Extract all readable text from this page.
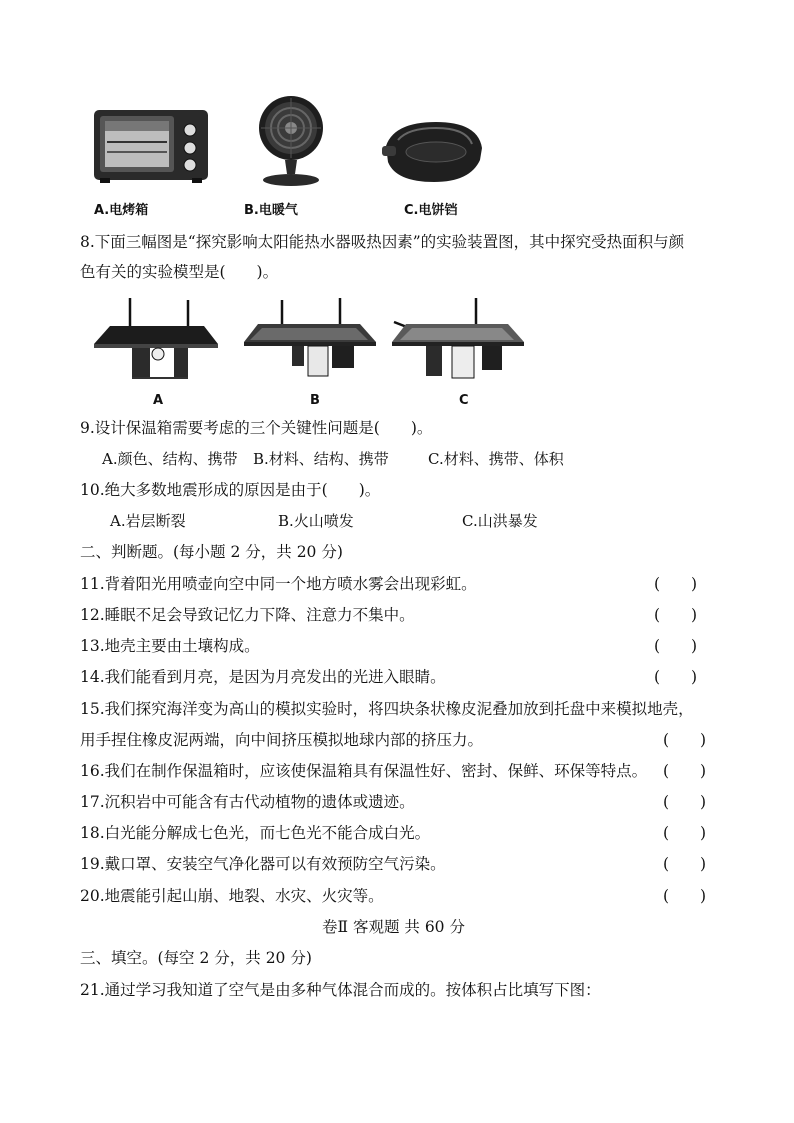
A.电烤箱	B.电暖气	C.电饼铛
8.下面三幅图是“探究影响太阳能热水器吸热因素”的实验装置图，其中探究受热面积与颜
色有关的实验模型是(　　)。
A	B	C
9.设计保温箱需要考虑的三个关键性问题是(　　)。
A.颜色、结构、携带 B.材料、结构、携带	C.材料、携带、体积
10.绝大多数地震形成的原因是由于(　　)。
A.岩层断裂	B.火山喷发	C.山洪暴发
二、判断题。(每小题 2 分，共 20 分)
11.背着阳光用喷壶向空中同一个地方喷水雾会出现彩虹。	(　　)
12.睡眠不足会导致记忆力下降、注意力不集中。	(　　)
13.地壳主要由土壤构成。	(　　)
14.我们能看到月亮，是因为月亮发出的光进入眼睛。	(　　)
15.我们探究海洋变为高山的模拟实验时，将四块条状橡皮泥叠加放到托盘中来模拟地壳，
用手捏住橡皮泥两端，向中间挤压模拟地球内部的挤压力。	(　　)
16.我们在制作保温箱时，应该使保温箱具有保温性好、密封、保鲜、环保等特点。 (　　)
17.沉积岩中可能含有古代动植物的遗体或遗迹。	(　　)
18.白光能分解成七色光，而七色光不能合成白光。	(　　)
19.戴口罩、安装空气净化器可以有效预防空气污染。	(　　)
20.地震能引起山崩、地裂、水灾、火灾等。	(　　)
卷Ⅱ 客观题 共 60 分
三、填空。(每空 2 分，共 20 分)
21.通过学习我知道了空气是由多种气体混合而成的。按体积占比填写下图：
